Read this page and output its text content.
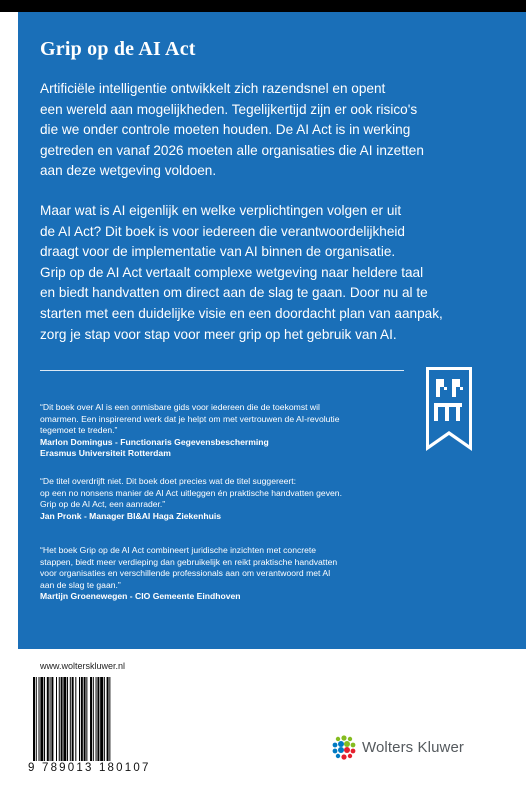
Grip op de AI Act

Artificiële intelligentie ontwikkelt zich razendsnel en opent

een wereld aan mogelijkheden. Tegelijkertijd zijn er ook risico's

die we onder controle moeten houden. De AI Act is in werking

getreden en vanaf 2026 moeten alle organisaties die AI inzetten

aan deze wetgeving voldoen.

Maar wat is AI eigenlijk en welke verplichtingen volgen er uit

de AI Act? Dit boek is voor iedereen die verantwoordelijkheid

draagt voor de implementatie van AI binnen de organisatie.

Grip op de AI Act vertaalt complexe wetgeving naar heldere taal

en biedt handvatten om direct aan de slag te gaan. Door nu al te

starten met een duidelijke visie en een doordacht plan van aanpak,

zorg je stap voor stap voor meer grip op het gebruik van AI.

“Dit boek over AI is een onmisbare gids voor iedereen die de toekomst wil

omarmen. Een inspirerend werk dat je helpt om met vertrouwen de AI-revolutie

tegemoet te treden.”

Marlon Domingus - Functionaris Gegevensbescherming

Erasmus Universiteit Rotterdam

“De titel overdrijft niet. Dit boek doet precies wat de titel suggereert:

op een no nonsens manier de AI Act uitleggen én praktische handvatten geven.

Grip op de AI Act, een aanrader.”

Jan Pronk - Manager BI&AI Haga Ziekenhuis

“Het boek Grip op de AI Act combineert juridische inzichten met concrete

stappen, biedt meer verdieping dan gebruikelijk en reikt praktische handvatten

voor organisaties en verschillende professionals aan om verantwoord met AI

aan de slag te gaan.”

Martijn Groenewegen - CIO Gemeente Eindhoven

www.wolterskluwer.nl
9 789013 180107
Wolters Kluwer
